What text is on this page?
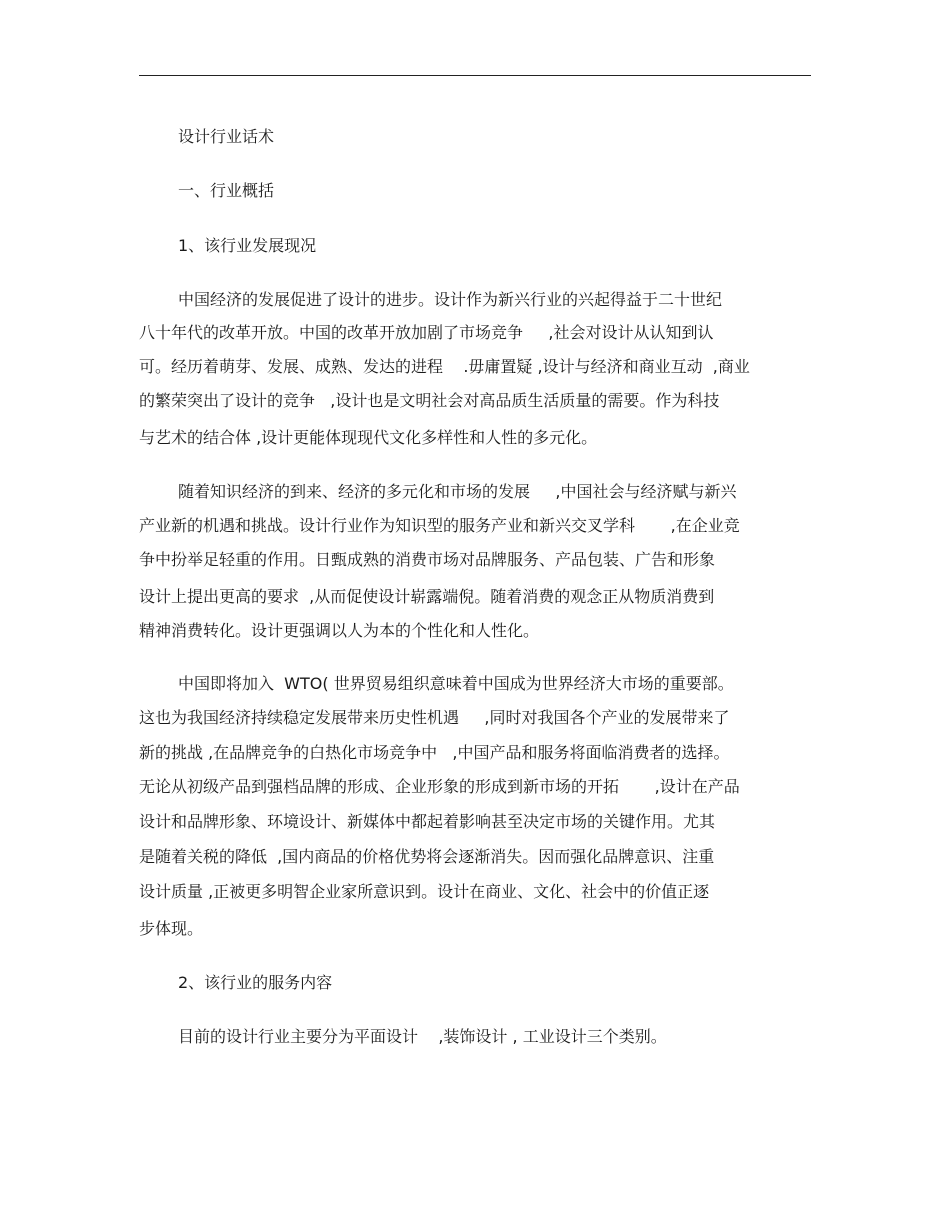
设计行业话术
一、行业概括
1、该行业发展现况
中国经济的发展促进了设计的进步。设计作为新兴行业的兴起得益于二十世纪
八十年代的改革开放。中国的改革开放加剧了市场竞争     ,社会对设计从认知到认
可。经历着萌芽、发展、成熟、发达的进程    .毋庸置疑 ,设计与经济和商业互动  ,商业
的繁荣突出了设计的竞争   ,设计也是文明社会对高品质生活质量的需要。作为科技
与艺术的结合体 ,设计更能体现现代文化多样性和人性的多元化。
随着知识经济的到来、经济的多元化和市场的发展     ,中国社会与经济赋与新兴
产业新的机遇和挑战。设计行业作为知识型的服务产业和新兴交叉学科       ,在企业竞
争中扮举足轻重的作用。日甄成熟的消费市场对品牌服务、产品包装、广告和形象
设计上提出更高的要求  ,从而促使设计崭露端倪。随着消费的观念正从物质消费到
精神消费转化。设计更强调以人为本的个性化和人性化。
中国即将加入  WTO( 世界贸易组织意味着中国成为世界经济大市场的重要部。
这也为我国经济持续稳定发展带来历史性机遇     ,同时对我国各个产业的发展带来了
新的挑战 ,在品牌竞争的白热化市场竞争中   ,中国产品和服务将面临消费者的选择。
无论从初级产品到强档品牌的形成、企业形象的形成到新市场的开拓       ,设计在产品
设计和品牌形象、环境设计、新媒体中都起着影响甚至决定市场的关键作用。尤其
是随着关税的降低  ,国内商品的价格优势将会逐渐消失。因而强化品牌意识、注重
设计质量 ,正被更多明智企业家所意识到。设计在商业、文化、社会中的价值正逐
步体现。
2、该行业的服务内容
目前的设计行业主要分为平面设计    ,装饰设计 , 工业设计三个类别。
